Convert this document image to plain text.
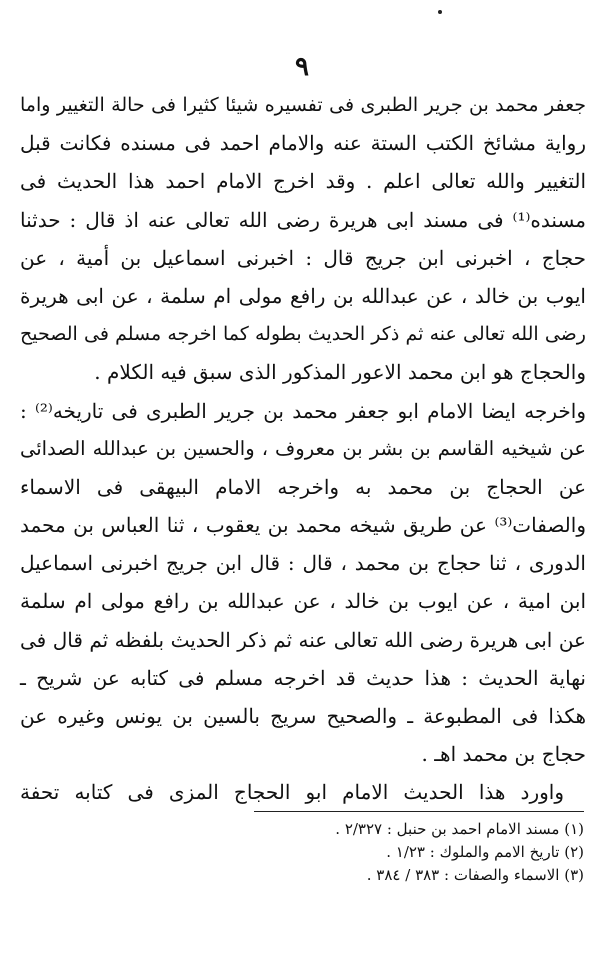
٩
جعفر محمد بن جرير الطبرى فى تفسيره شيئا كثيرا فى حالة التغيير واما
رواية مشائخ الكتب الستة عنه والامام احمد فى مسنده فكانت قبل
التغيير والله تعالى اعلم . وقد اخرج الامام احمد هذا الحديث فى
مسنده⁽¹⁾ فى مسند ابى هريرة رضى الله تعالى عنه اذ قال : حدثنا
حجاج ، اخبرنى ابن جريج قال : اخبرنى اسماعيل بن أمية ، عن
ايوب بن خالد ، عن عبدالله بن رافع مولى ام سلمة ، عن ابى هريرة
رضى الله تعالى عنه ثم ذكر الحديث بطوله كما اخرجه مسلم فى الصحيح
والحجاج هو ابن محمد الاعور المذكور الذى سبق فيه الكلام .
واخرجه ايضا الامام ابو جعفر محمد بن جرير الطبرى فى تاريخه⁽²⁾ :
عن شيخيه القاسم بن بشر بن معروف ، والحسين بن عبدالله الصدائى
عن الحجاج بن محمد به واخرجه الامام البيهقى فى الاسماء
والصفات⁽³⁾ عن طريق شيخه محمد بن يعقوب ، ثنا العباس بن محمد
الدورى ، ثنا حجاج بن محمد ، قال : قال ابن جريج اخبرنى اسماعيل
ابن امية ، عن ايوب بن خالد ، عن عبدالله بن رافع مولى ام سلمة
عن ابى هريرة رضى الله تعالى عنه ثم ذكر الحديث بلفظه ثم قال فى
نهاية الحديث : هذا حديث قد اخرجه مسلم فى كتابه عن شريح ـ
هكذا فى المطبوعة ـ والصحيح سريج بالسين بن يونس وغيره عن
حجاج بن محمد اهـ .
واورد هذا الحديث الامام ابو الحجاج المزى فى كتابه تحفة
(١) مسند الامام احمد بن حنبل : ٢/٣٢٧ .
(٢) تاريخ الامم والملوك : ١/٢٣ .
(٣) الاسماء والصفات : ٣٨٣ / ٣٨٤ .
